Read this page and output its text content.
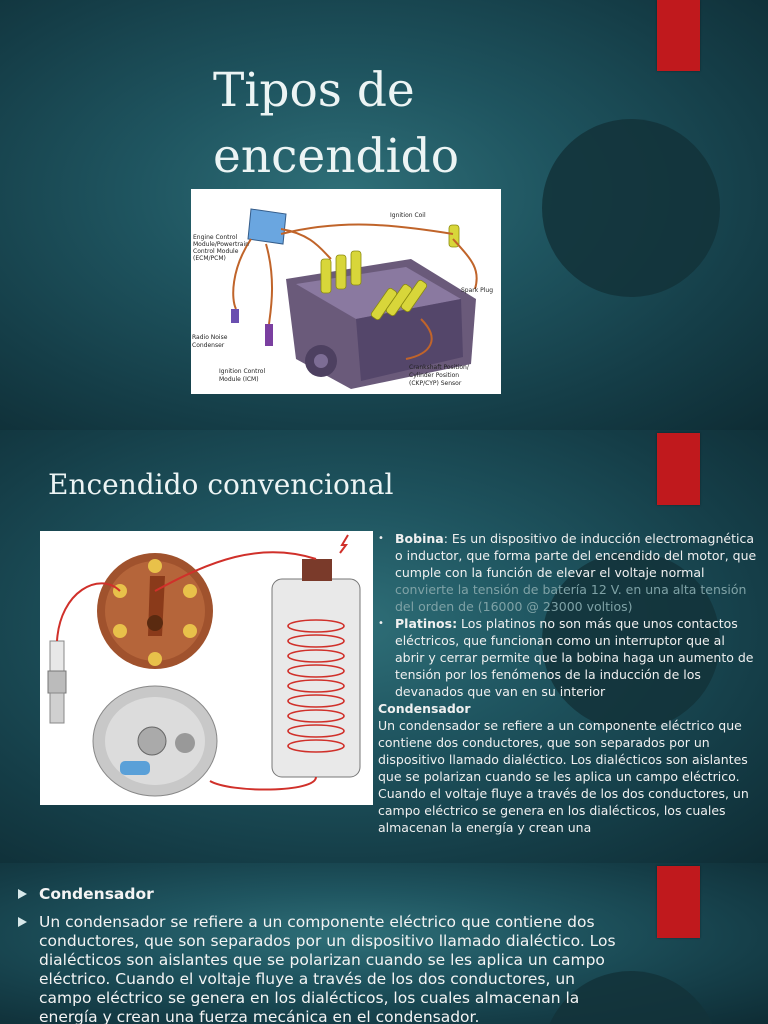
Tipos de
encendido
Engine Control
Module/Powertrain
Control Module
(ECM/PCM)
Ignition Coil
Spark Plug
Radio Noise
Condenser
Ignition Control
Module (ICM)
Crankshaft Position/
Cylinder Position
(CKP/CYP) Sensor
Encendido convencional
• Bobina: Es un dispositivo de inducción electromagnética o inductor, que forma parte del encendido del motor, que cumple con la función de elevar el voltaje normal convierte la tensión de batería 12 V. en una alta tensión del orden de (16000 @ 23000 voltios)
• Platinos: Los platinos no son más que unos contactos eléctricos, que funcionan como un interruptor que al abrir y cerrar permite que la bobina haga un aumento de tensión por los fenómenos de la inducción de los devanados que van en su interior
Condensador
Un condensador se refiere a un componente eléctrico que contiene dos conductores, que son separados por un dispositivo llamado dialéctico. Los dialécticos son aislantes que se polarizan cuando se les aplica un campo eléctrico. Cuando el voltaje fluye a través de los dos conductores, un campo eléctrico se genera en los dialécticos, los cuales almacenan la energía y crean una
Condensador
Un condensador se refiere a un componente eléctrico que contiene dos conductores, que son separados por un dispositivo llamado dialéctico. Los dialécticos son aislantes que se polarizan cuando se les aplica un campo eléctrico. Cuando el voltaje fluye a través de los dos conductores, un campo eléctrico se genera en los dialécticos, los cuales almacenan la energía y crean una fuerza mecánica en el condensador.
